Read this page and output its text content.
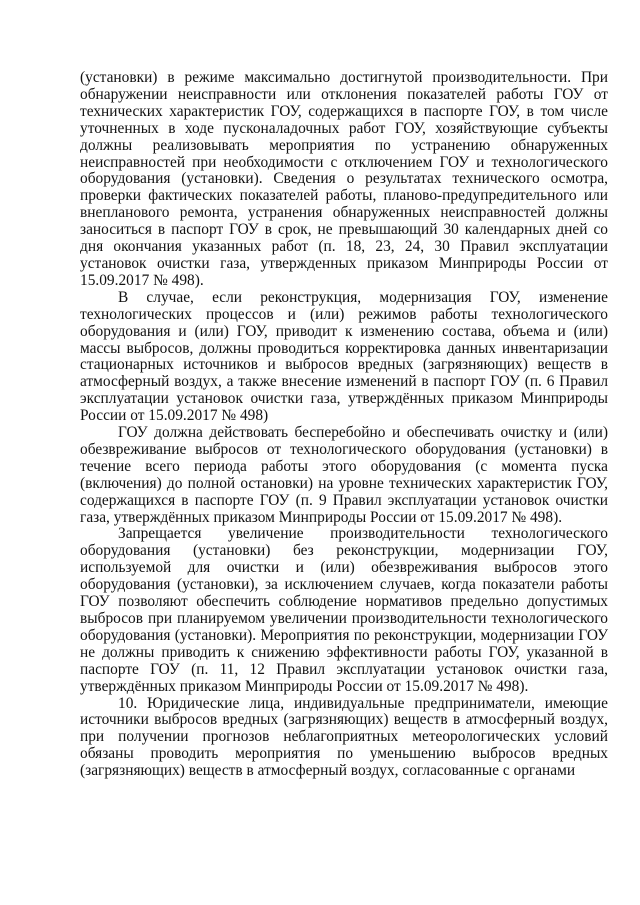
(установки) в режиме максимально достигнутой производительности. При обнаружении неисправности или отклонения показателей работы ГОУ от технических характеристик ГОУ, содержащихся в паспорте ГОУ, в том числе уточненных в ходе пусконаладочных работ ГОУ, хозяйствующие субъекты должны реализовывать мероприятия по устранению обнаруженных неисправностей при необходимости с отключением ГОУ и технологического оборудования (установки). Сведения о результатах технического осмотра, проверки фактических показателей работы, планово-предупредительного или внепланового ремонта, устранения обнаруженных неисправностей должны заноситься в паспорт ГОУ в срок, не превышающий 30 календарных дней со дня окончания указанных работ (п. 18, 23, 24, 30 Правил эксплуатации установок очистки газа, утвержденных приказом Минприроды России от 15.09.2017 № 498).

В случае, если реконструкция, модернизация ГОУ, изменение технологических процессов и (или) режимов работы технологического оборудования и (или) ГОУ, приводит к изменению состава, объема и (или) массы выбросов, должны проводиться корректировка данных инвентаризации стационарных источников и выбросов вредных (загрязняющих) веществ в атмосферный воздух, а также внесение изменений в паспорт ГОУ (п. 6 Правил эксплуатации установок очистки газа, утверждённых приказом Минприроды России от 15.09.2017 № 498)

ГОУ должна действовать бесперебойно и обеспечивать очистку и (или) обезвреживание выбросов от технологического оборудования (установки) в течение всего периода работы этого оборудования (с момента пуска (включения) до полной остановки) на уровне технических характеристик ГОУ, содержащихся в паспорте ГОУ (п. 9 Правил эксплуатации установок очистки газа, утверждённых приказом Минприроды России от 15.09.2017 № 498).

Запрещается увеличение производительности технологического оборудования (установки) без реконструкции, модернизации ГОУ, используемой для очистки и (или) обезвреживания выбросов этого оборудования (установки), за исключением случаев, когда показатели работы ГОУ позволяют обеспечить соблюдение нормативов предельно допустимых выбросов при планируемом увеличении производительности технологического оборудования (установки). Мероприятия по реконструкции, модернизации ГОУ не должны приводить к снижению эффективности работы ГОУ, указанной в паспорте ГОУ (п. 11, 12 Правил эксплуатации установок очистки газа, утверждённых приказом Минприроды России от 15.09.2017 № 498).

10. Юридические лица, индивидуальные предприниматели, имеющие источники выбросов вредных (загрязняющих) веществ в атмосферный воздух, при получении прогнозов неблагоприятных метеорологических условий обязаны проводить мероприятия по уменьшению выбросов вредных (загрязняющих) веществ в атмосферный воздух, согласованные с органами
